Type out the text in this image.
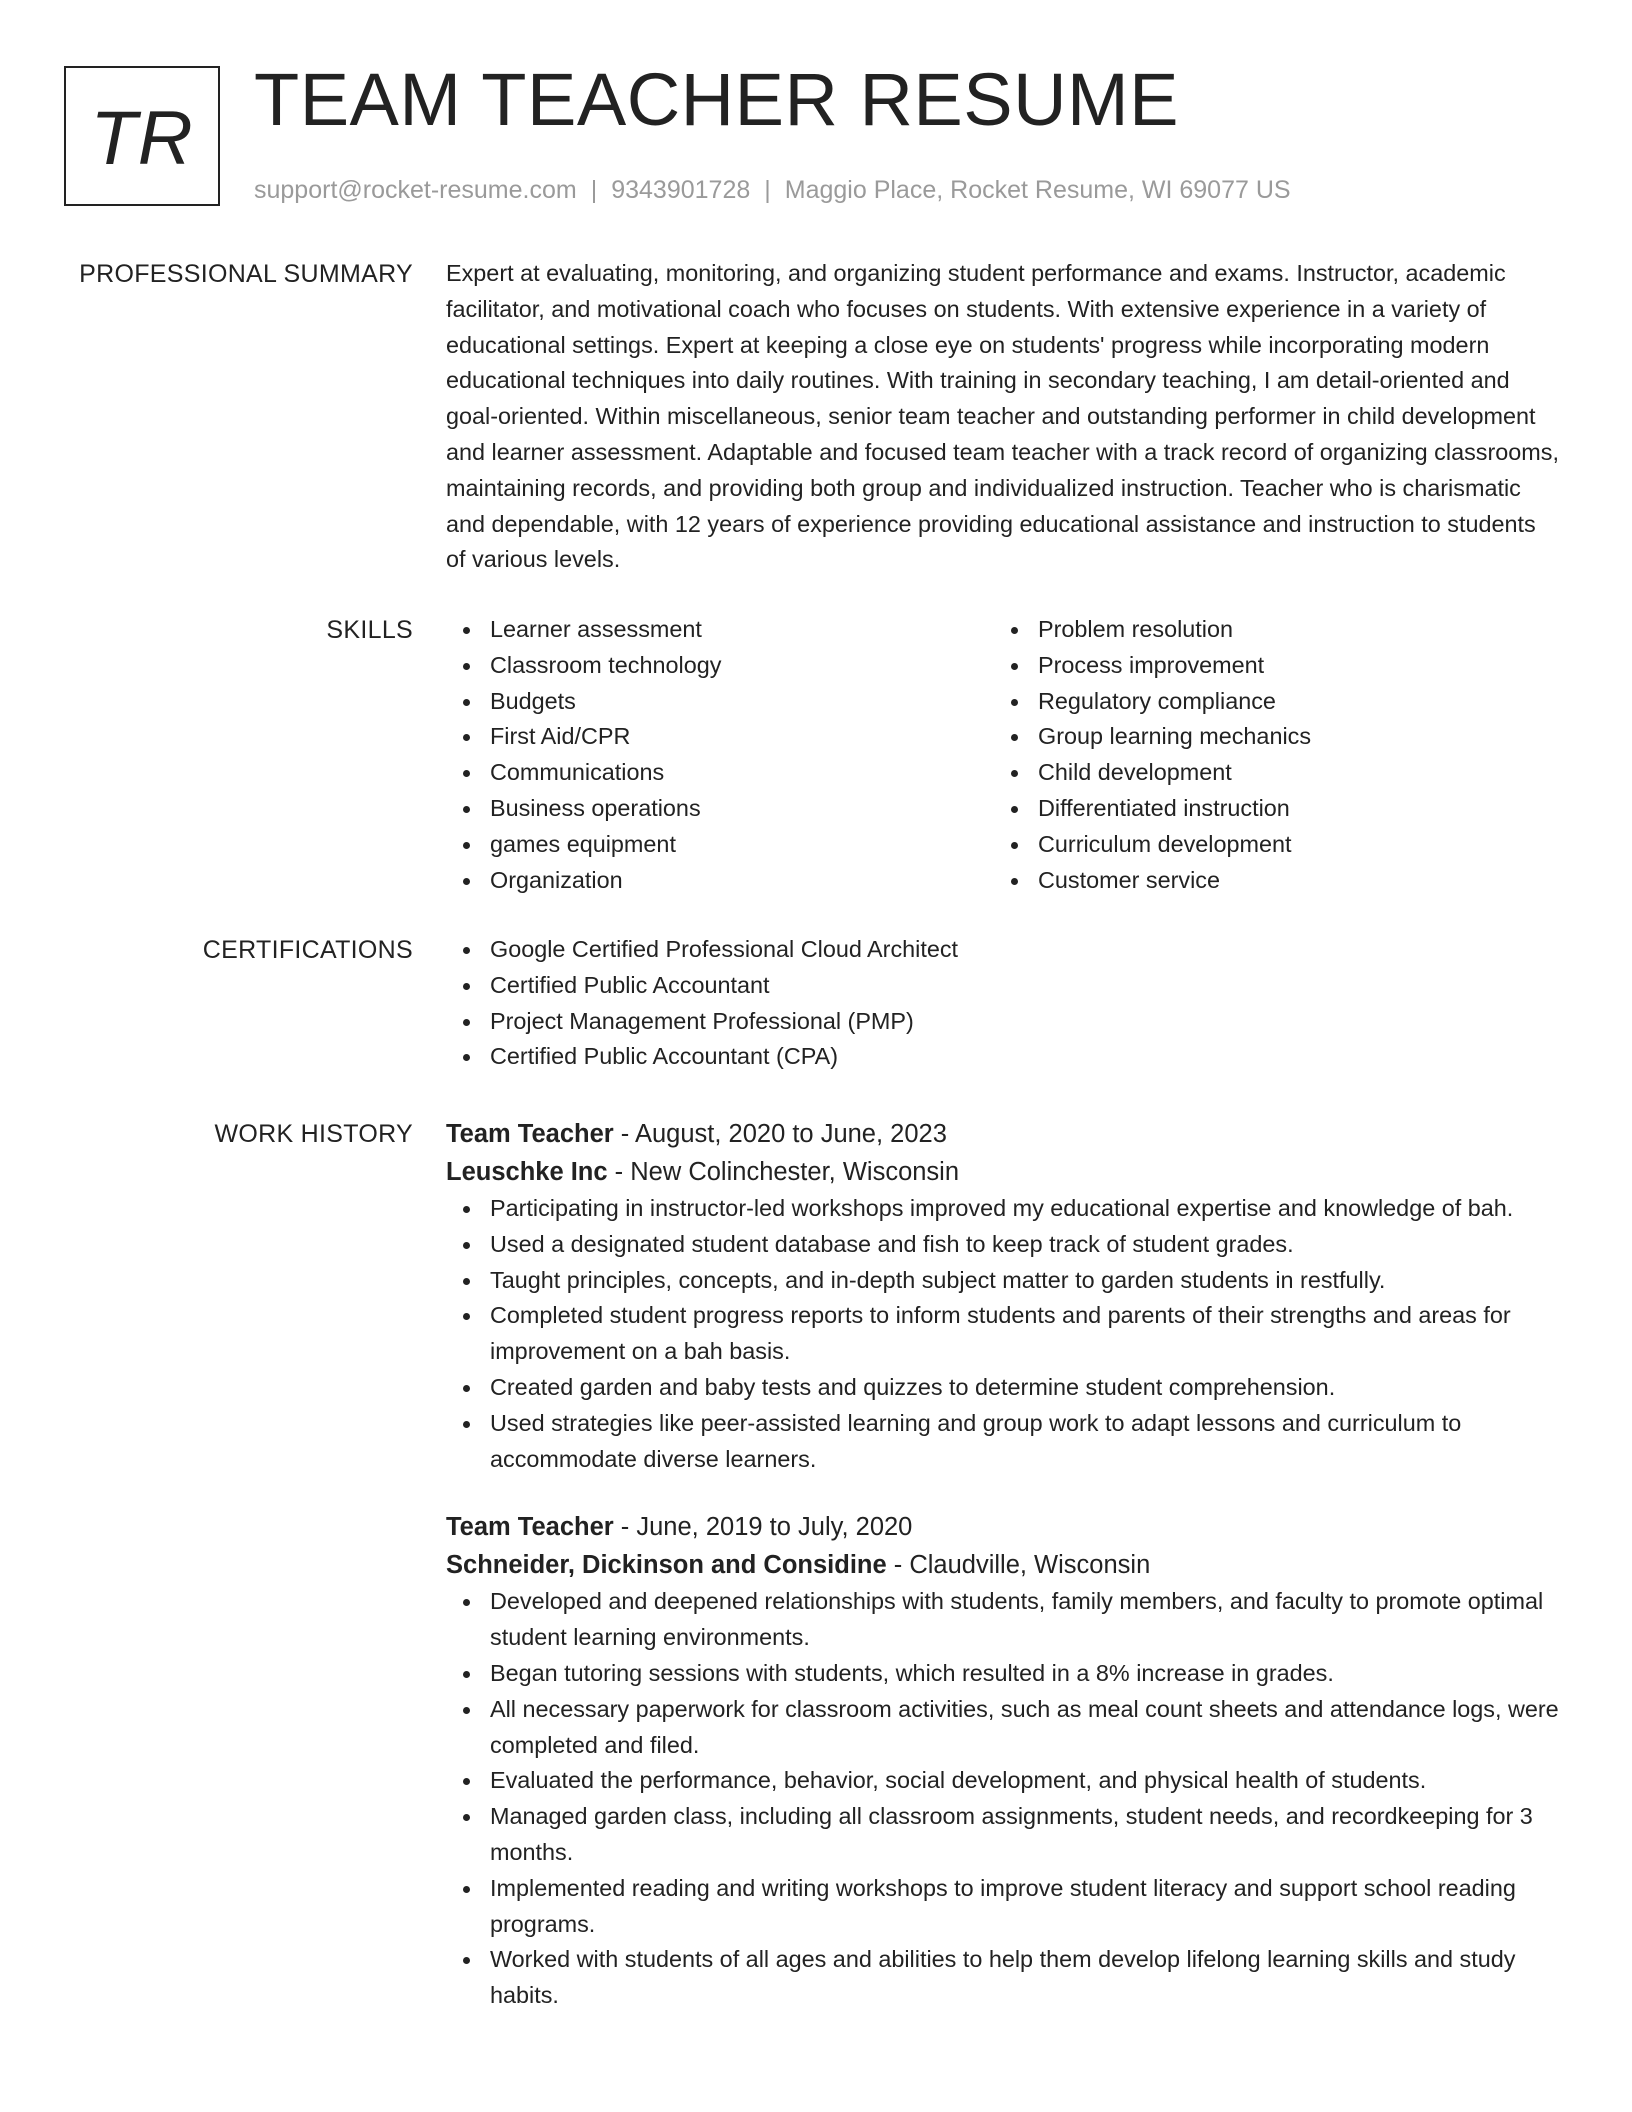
TR TEAM TEACHER RESUME
support@rocket-resume.com | 9343901728 | Maggio Place, Rocket Resume, WI 69077 US
PROFESSIONAL SUMMARY Expert at evaluating, monitoring, and organizing student performance and exams. Instructor, academic facilitator, and motivational coach who focuses on students. With extensive experience in a variety of educational settings. Expert at keeping a close eye on students' progress while incorporating modern educational techniques into daily routines. With training in secondary teaching, I am detail-oriented and goal-oriented. Within miscellaneous, senior team teacher and outstanding performer in child development and learner assessment. Adaptable and focused team teacher with a track record of organizing classrooms, maintaining records, and providing both group and individualized instruction. Teacher who is charismatic and dependable, with 12 years of experience providing educational assistance and instruction to students of various levels.
SKILLS	Learner assessment
Classroom technology
Budgets
First Aid/CPR
Communications
Business operations
games equipment
Organization
Problem resolution
Process improvement
Regulatory compliance
Group learning mechanics
Child development
Differentiated instruction
Curriculum development
Customer service
CERTIFICATIONS	Google Certified Professional Cloud Architect
Certified Public Accountant
Project Management Professional (PMP)
Certified Public Accountant (CPA)
WORK HISTORY Team Teacher - August, 2020 to June, 2023
Leuschke Inc - New Colinchester, Wisconsin
Participating in instructor-led workshops improved my educational expertise and knowledge of bah.
Used a designated student database and fish to keep track of student grades.
Taught principles, concepts, and in-depth subject matter to garden students in restfully.
Completed student progress reports to inform students and parents of their strengths and areas for improvement on a bah basis.
Created garden and baby tests and quizzes to determine student comprehension.
Used strategies like peer-assisted learning and group work to adapt lessons and curriculum to accommodate diverse learners.
Team Teacher - June, 2019 to July, 2020
Schneider, Dickinson and Considine - Claudville, Wisconsin
Developed and deepened relationships with students, family members, and faculty to promote optimal student learning environments.
Began tutoring sessions with students, which resulted in a 8% increase in grades.
All necessary paperwork for classroom activities, such as meal count sheets and attendance logs, were completed and filed.
Evaluated the performance, behavior, social development, and physical health of students.
Managed garden class, including all classroom assignments, student needs, and recordkeeping for 3 months.
Implemented reading and writing workshops to improve student literacy and support school reading programs.
Worked with students of all ages and abilities to help them develop lifelong learning skills and study habits.
